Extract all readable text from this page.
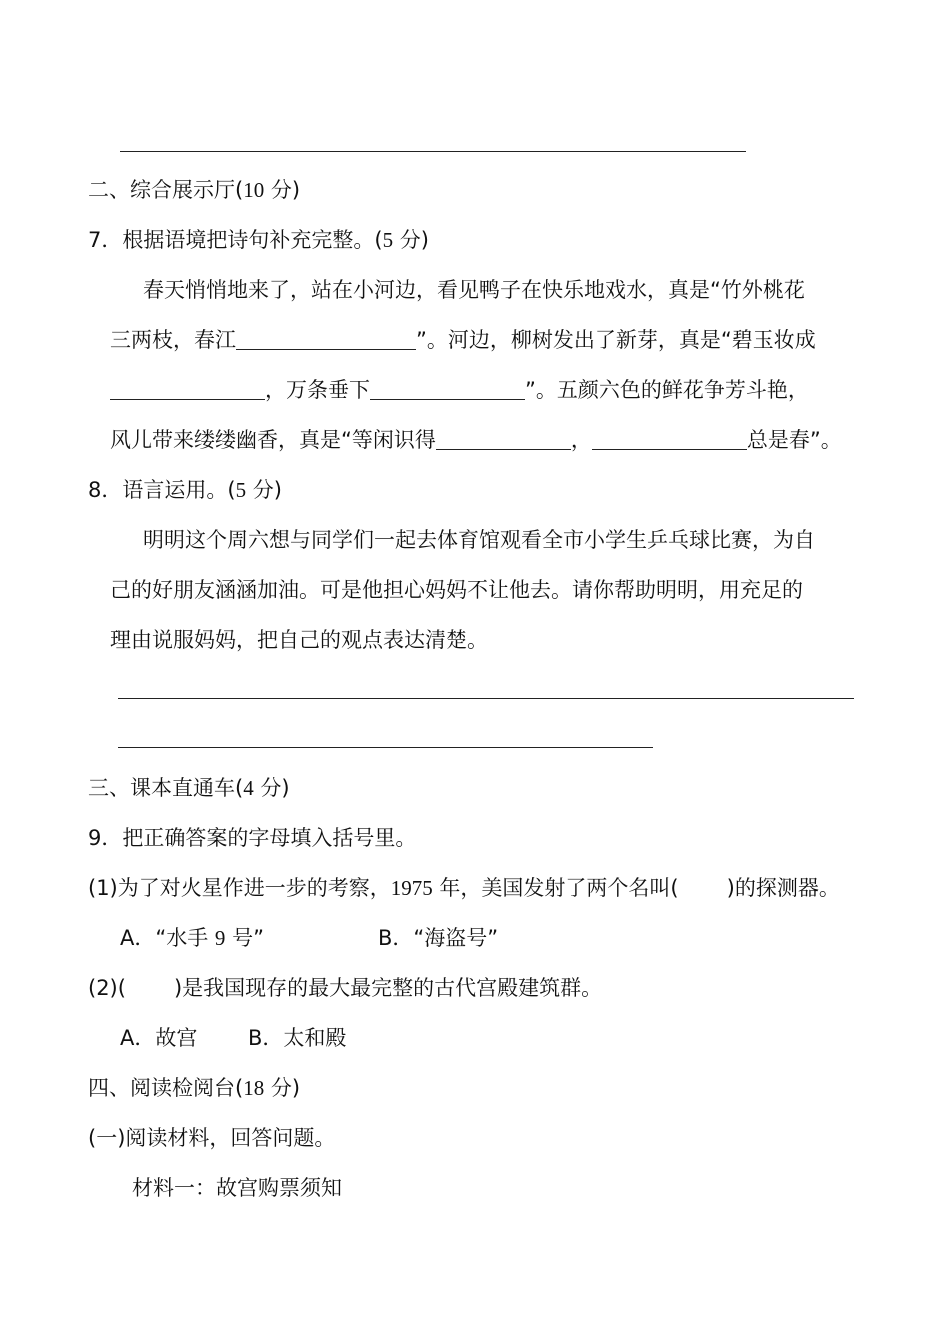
二、综合展示厅(10 分)
7．根据语境把诗句补充完整。(5 分)
春天悄悄地来了，站在小河边，看见鸭子在快乐地戏水，真是“竹外桃花
三两枝，春江	”。河边，柳树发出了新芽，真是“碧玉妆成
，万条垂下	”。五颜六色的鲜花争芳斗艳，
风儿带来缕缕幽香，真是“等闲识得	，	总是春”。
8．语言运用。(5 分)
明明这个周六想与同学们一起去体育馆观看全市小学生乒乓球比赛，为自
己的好朋友涵涵加油。可是他担心妈妈不让他去。请你帮助明明，用充足的
理由说服妈妈，把自己的观点表达清楚。
三、课本直通车(4 分)
9．把正确答案的字母填入括号里。
(1)为了对火星作进一步的考察，1975 年，美国发射了两个名叫( )的探测器。
A．“水手 9 号”	B．“海盗号”
(2)( )是我国现存的最大最完整的古代宫殿建筑群。
A．故宫 B．太和殿
四、阅读检阅台(18 分)
(一)阅读材料，回答问题。
材料一：故宫购票须知
